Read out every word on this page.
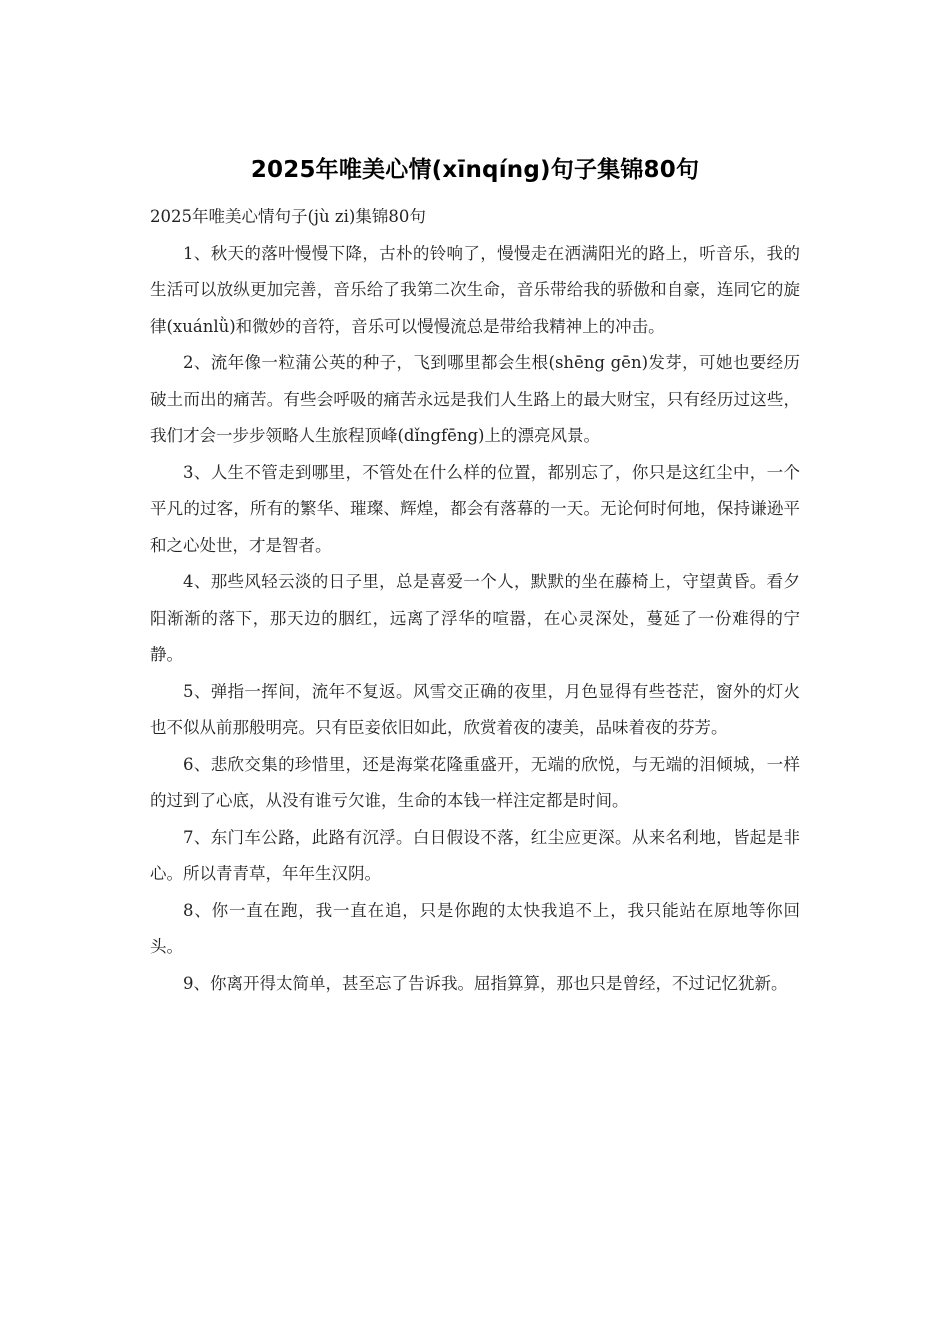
2025年唯美心情(xīnqíng)句子集锦80句

2025年唯美心情句子(jù zi)集锦80句

1、秋天的落叶慢慢下降，古朴的铃响了，慢慢走在洒满阳光的路上，听音乐，我的生活可以放纵更加完善，音乐给了我第二次生命，音乐带给我的骄傲和自豪，连同它的旋律(xuánlǜ)和微妙的音符，音乐可以慢慢流总是带给我精神上的冲击。

2、流年像一粒蒲公英的种子，飞到哪里都会生根(shēng gēn)发芽，可她也要经历破土而出的痛苦。有些会呼吸的痛苦永远是我们人生路上的最大财宝，只有经历过这些，我们才会一步步领略人生旅程顶峰(dǐngfēng)上的漂亮风景。

3、人生不管走到哪里，不管处在什么样的位置，都别忘了，你只是这红尘中，一个平凡的过客，所有的繁华、璀璨、辉煌，都会有落幕的一天。无论何时何地，保持谦逊平和之心处世，才是智者。

4、那些风轻云淡的日子里，总是喜爱一个人，默默的坐在藤椅上，守望黄昏。看夕阳渐渐的落下，那天边的胭红，远离了浮华的喧嚣，在心灵深处，蔓延了一份难得的宁静。

5、弹指一挥间，流年不复返。风雪交正确的夜里，月色显得有些苍茫，窗外的灯火也不似从前那般明亮。只有臣妾依旧如此，欣赏着夜的凄美，品味着夜的芬芳。

6、悲欣交集的珍惜里，还是海棠花隆重盛开，无端的欣悦，与无端的泪倾城，一样的过到了心底，从没有谁亏欠谁，生命的本钱一样注定都是时间。

7、东门车公路，此路有沉浮。白日假设不落，红尘应更深。从来名利地，皆起是非心。所以青青草，年年生汉阴。

8、你一直在跑，我一直在追，只是你跑的太快我追不上，我只能站在原地等你回头。

9、你离开得太简单，甚至忘了告诉我。屈指算算，那也只是曾经，不过记忆犹新。
